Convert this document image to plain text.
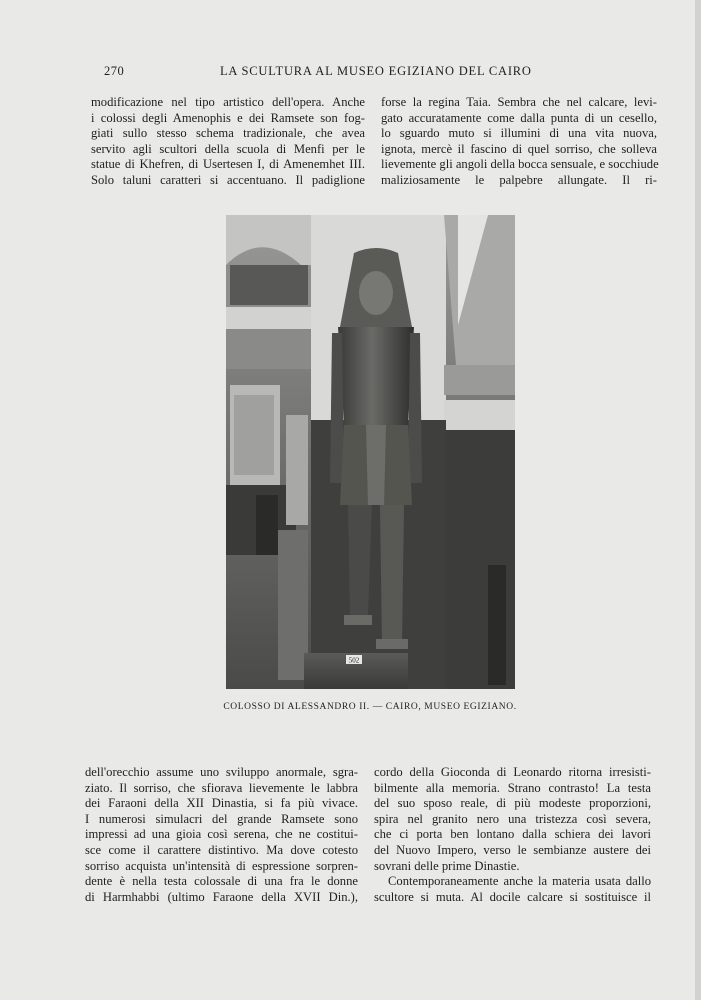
270	LA SCULTURA AL MUSEO EGIZIANO DEL CAIRO
modificazione nel tipo artistico dell'opera. Anche
i colossi degli Amenophis e dei Ramsete son fog-
giati sullo stesso schema tradizionale, che avea
servito agli scultori della scuola di Menfi per le
statue di Khefren, di Usertesen I, di Amenemhet III.
Solo taluni caratteri si accentuano. Il padiglione
forse la regina Taia. Sembra che nel calcare, levi-
gato accuratamente come dalla punta di un cesello,
lo sguardo muto si illumini di una vita nuova,
ignota, mercè il fascino di quel sorriso, che solleva
lievemente gli angoli della bocca sensuale, e socchiude
maliziosamente le palpebre allungate. Il ri-
502
COLOSSO DI ALESSANDRO II. — CAIRO, MUSEO EGIZIANO.
dell'orecchio assume uno sviluppo anormale, sgra-
ziato. Il sorriso, che sfiorava lievemente le labbra
dei Faraoni della XII Dinastia, si fa più vivace.
I numerosi simulacri del grande Ramsete sono
impressi ad una gioia così serena, che ne costitui-
sce come il carattere distintivo. Ma dove cotesto
sorriso acquista un'intensità di espressione sorpren-
dente è nella testa colossale di una fra le donne
di Harmhabbi (ultimo Faraone della XVII Din.),
cordo della Gioconda di Leonardo ritorna irresisti-
bilmente alla memoria. Strano contrasto! La testa
del suo sposo reale, di più modeste proporzioni,
spira nel granito nero una tristezza così severa,
che ci porta ben lontano dalla schiera dei lavori
del Nuovo Impero, verso le sembianze austere dei
sovrani delle prime Dinastie.
Contemporaneamente anche la materia usata dallo
scultore si muta. Al docile calcare si sostituisce il
